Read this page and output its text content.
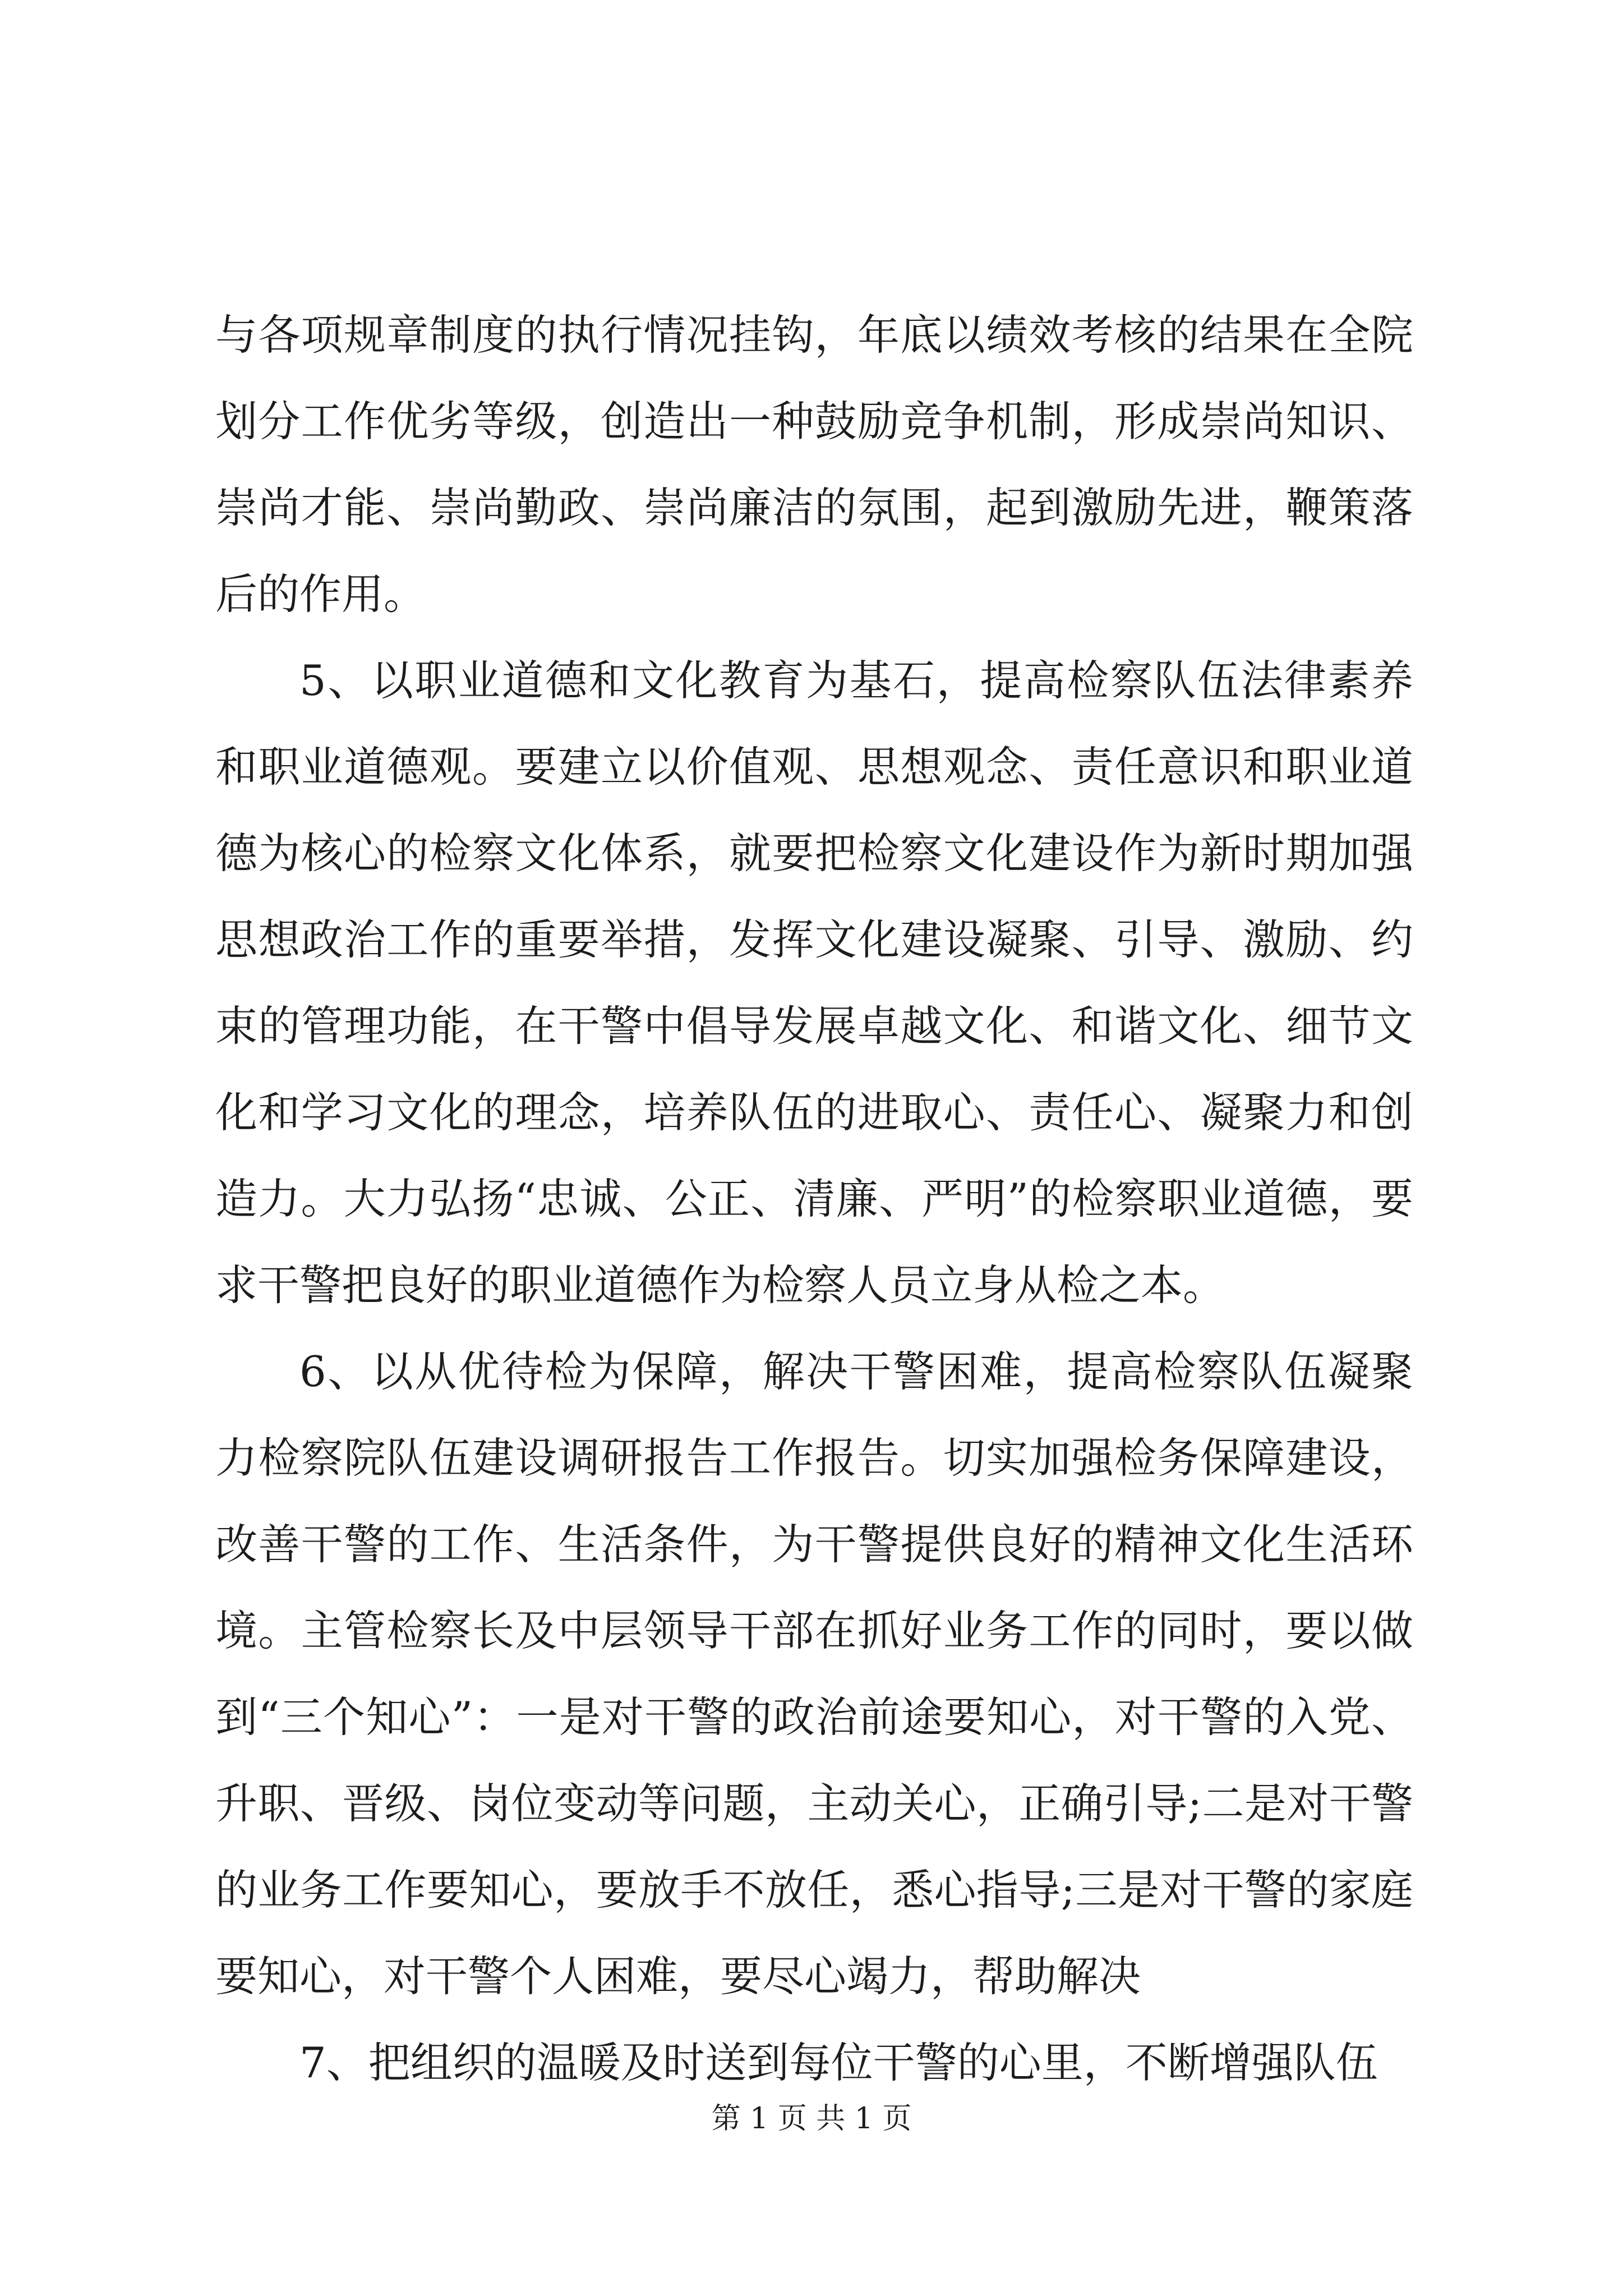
与各项规章制度的执行情况挂钩，年底以绩效考核的结果在全院划分工作优劣等级，创造出一种鼓励竞争机制，形成崇尚知识、崇尚才能、崇尚勤政、崇尚廉洁的氛围，起到激励先进，鞭策落后的作用。

5、以职业道德和文化教育为基石，提高检察队伍法律素养和职业道德观。要建立以价值观、思想观念、责任意识和职业道德为核心的检察文化体系，就要把检察文化建设作为新时期加强思想政治工作的重要举措，发挥文化建设凝聚、引导、激励、约束的管理功能，在干警中倡导发展卓越文化、和谐文化、细节文化和学习文化的理念，培养队伍的进取心、责任心、凝聚力和创造力。大力弘扬“忠诚、公正、清廉、严明”的检察职业道德，要求干警把良好的职业道德作为检察人员立身从检之本。

6、以从优待检为保障，解决干警困难，提高检察队伍凝聚力检察院队伍建设调研报告工作报告。切实加强检务保障建设，改善干警的工作、生活条件，为干警提供良好的精神文化生活环境。主管检察长及中层领导干部在抓好业务工作的同时，要以做到“三个知心”：一是对干警的政治前途要知心，对干警的入党、升职、晋级、岗位变动等问题，主动关心，正确引导;二是对干警的业务工作要知心，要放手不放任，悉心指导;三是对干警的家庭要知心，对干警个人困难，要尽心竭力，帮助解决

7、把组织的温暖及时送到每位干警的心里，不断增强队伍

第 1 页 共 1 页
